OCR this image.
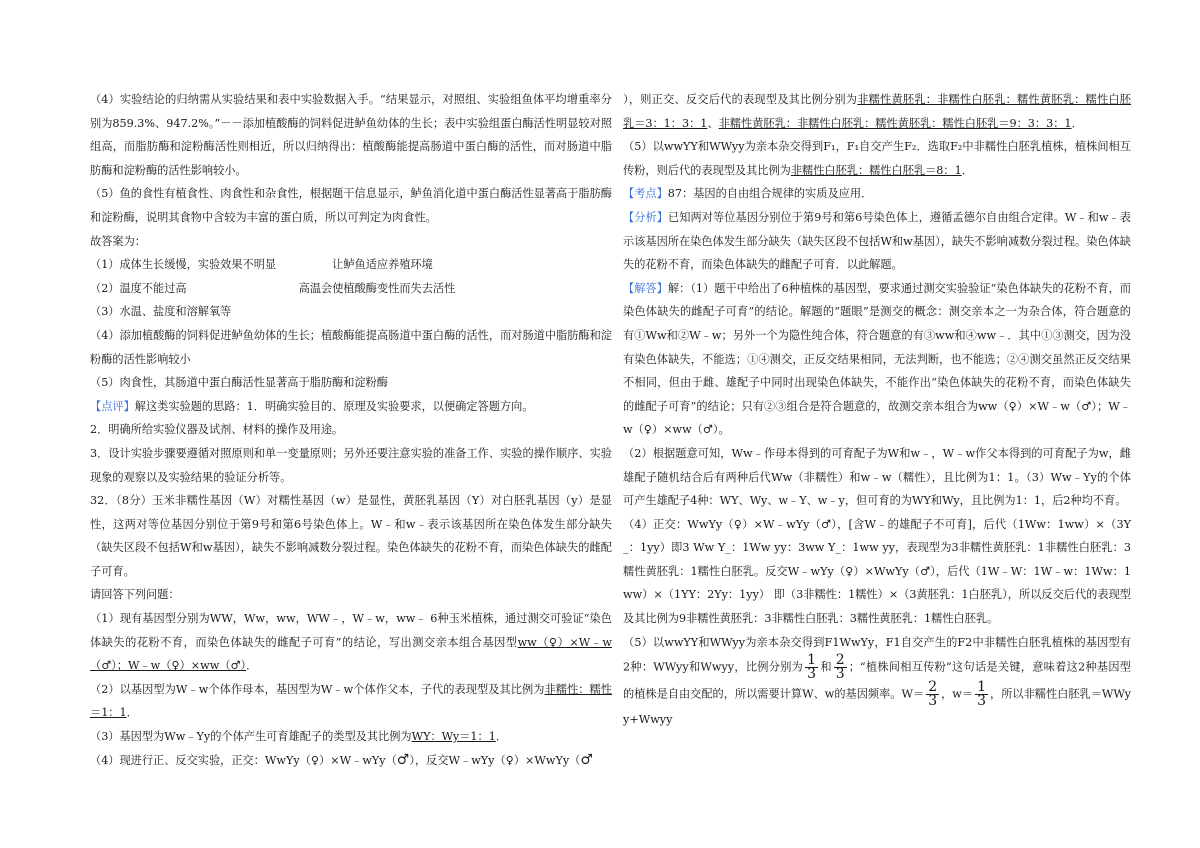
（4）实验结论的归纳需从实验结果和表中实验数据入手。“结果显示，对照组、实验组鱼体平均增重率分别为859.3%、947.2%。”－－添加植酸酶的饲料促进鲈鱼幼体的生长；表中实验组蛋白酶活性明显较对照组高，而脂肪酶和淀粉酶活性则相近，所以归纳得出：植酸酶能提高肠道中蛋白酶的活性，而对肠道中脂肪酶和淀粉酶的活性影响较小。

（5）鱼的食性有植食性、肉食性和杂食性，根据题干信息显示，鲈鱼消化道中蛋白酶活性显著高于脂肪酶和淀粉酶，说明其食物中含较为丰富的蛋白质，所以可判定为肉食性。

故答案为：

（1）成体生长缓慢，实验效果不明显	让鲈鱼适应养殖环境

（2）温度不能过高	高温会使植酸酶变性而失去活性

（3）水温、盐度和溶解氧等

（4）添加植酸酶的饲料促进鲈鱼幼体的生长；植酸酶能提高肠道中蛋白酶的活性，而对肠道中脂肪酶和淀粉酶的活性影响较小

（5）肉食性，其肠道中蛋白酶活性显著高于脂肪酶和淀粉酶

【点评】解这类实验题的思路：1．明确实验目的、原理及实验要求，以便确定答题方向。

2．明确所给实验仪器及试剂、材料的操作及用途。

3．设计实验步骤要遵循对照原则和单一变量原则；另外还要注意实验的准备工作、实验的操作顺序、实验现象的观察以及实验结果的验证分析等。

32．（8分）玉米非糯性基因（W）对糯性基因（w）是显性，黄胚乳基因（Y）对白胚乳基因（y）是显性，这两对等位基因分别位于第9号和第6号染色体上。W﹣和w﹣表示该基因所在染色体发生部分缺失（缺失区段不包括W和w基因），缺失不影响减数分裂过程。染色体缺失的花粉不育，而染色体缺失的雌配子可育。

请回答下列问题：

（1）现有基因型分别为WW，Ww，ww，WW﹣，W﹣w，ww﹣ 6种玉米植株，通过测交可验证“染色体缺失的花粉不育，而染色体缺失的雌配子可育”的结论，写出测交亲本组合基因型ww（♀）×W﹣w（♂）；W﹣w（♀）×ww（♂）．

（2）以基因型为W﹣w个体作母本，基因型为W﹣w个体作父本，子代的表现型及其比例为非糯性：糯性＝1：1．

（3）基因型为Ww﹣Yy的个体产生可育雄配子的类型及其比例为WY：Wy＝1：1．

（4）现进行正、反交实验，正交：WwYy（♀）×W﹣wYy（♂），反交W﹣wYy（♀）×WwYy（♂

），则正交、反交后代的表现型及其比例分别为非糯性黄胚乳：非糯性白胚乳：糯性黄胚乳：糯性白胚乳＝3：1：3：1、非糯性黄胚乳：非糯性白胚乳：糯性黄胚乳：糯性白胚乳＝9：3：3：1．

（5）以wwYY和WWyy为亲本杂交得到F₁，F₁自交产生F₂．选取F₂中非糯性白胚乳植株，植株间相互传粉，则后代的表现型及其比例为非糯性白胚乳：糯性白胚乳＝8：1．

【考点】87：基因的自由组合规律的实质及应用．

【分析】已知两对等位基因分别位于第9号和第6号染色体上，遵循孟德尔自由组合定律。W﹣和w﹣表示该基因所在染色体发生部分缺失（缺失区段不包括W和w基因），缺失不影响减数分裂过程。染色体缺失的花粉不育，而染色体缺失的雌配子可育．以此解题。

【解答】解：（1）题干中给出了6种植株的基因型，要求通过测交实验验证“染色体缺失的花粉不育，而染色体缺失的雌配子可育”的结论。解题的“题眼”是测交的概念：测交亲本之一为杂合体，符合题意的有①Ww和②W﹣w；另外一个为隐性纯合体，符合题意的有③ww和④ww﹣．其中①③测交，因为没有染色体缺失，不能选；①④测交，正反交结果相同，无法判断，也不能选；②④测交虽然正反交结果不相同，但由于雌、雄配子中同时出现染色体缺失，不能作出“染色体缺失的花粉不育，而染色体缺失的雌配子可育”的结论；只有②③组合是符合题意的，故测交亲本组合为ww（♀）×W﹣w（♂）；W﹣w（♀）×ww（♂）。

（2）根据题意可知，Ww﹣作母本得到的可育配子为W和w﹣，W﹣w作父本得到的可育配子为w，雌雄配子随机结合后有两种后代Ww（非糯性）和w﹣w（糯性），且比例为1：1。（3）Ww﹣Yy的个体可产生雄配子4种：WY、Wy、w﹣Y、w﹣y，但可育的为WY和Wy，且比例为1：1，后2种均不育。

（4）正交：WwYy（♀）×W﹣wYy（♂），[含W﹣的雄配子不可育]，后代（1Ww：1ww）×（3Y_：1yy）即3 Ww Y_：1Ww yy：3ww Y_：1ww yy，表现型为3非糯性黄胚乳：1非糯性白胚乳：3糯性黄胚乳：1糯性白胚乳。反交W﹣wYy（♀）×WwYy（♂），后代（1W﹣W：1W﹣w：1Ww：1ww）×（1YY：2Yy：1yy） 即（3非糯性：1糯性）×（3黄胚乳：1白胚乳），所以反交后代的表现型及其比例为9非糯性黄胚乳：3非糯性白胚乳：3糯性黄胚乳：1糯性白胚乳。

（5）以wwYY和WWyy为亲本杂交得到F1WwYy，F1自交产生的F2中非糯性白胚乳植株的基因型有2种：WWyy和Wwyy，比例分别为 $\frac{1}{3}$ 和 $\frac{2}{3}$ ；“植株间相互传粉”这句话是关键，意味着这2种基因型的植株是自由交配的，所以需要计算W、w的基因频率。$W= \frac{2}{3}$ ，$w= \frac{1}{3}$ ，所以非糯性白胚乳＝WWyy+Wwyy
